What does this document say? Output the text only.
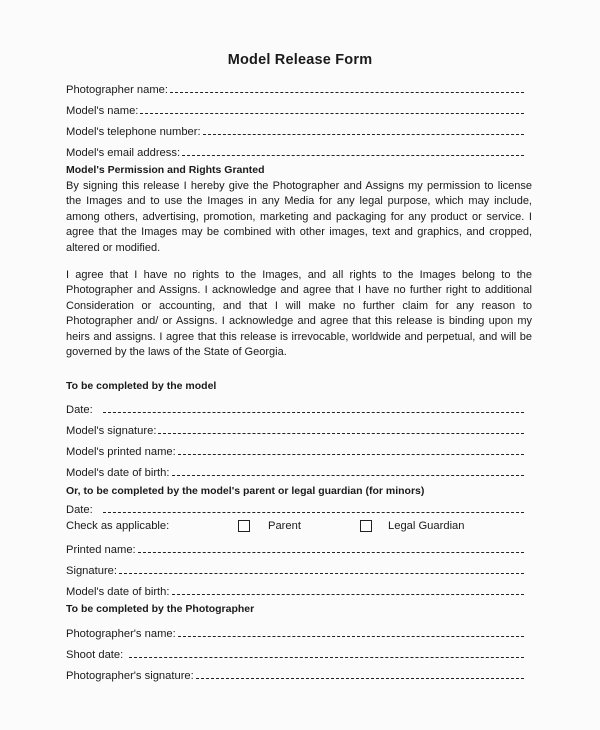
Model Release Form
Photographer name:
Model's name:
Model's telephone number:
Model's email address:
Model's Permission and Rights Granted
By signing this release I hereby give the Photographer and Assigns my permission to license the Images and to use the Images in any Media for any legal purpose, which may include, among others, advertising, promotion, marketing and packaging for any product or service. I agree that the Images may be combined with other images, text and graphics, and cropped, altered or modified.
I agree that I have no rights to the Images, and all rights to the Images belong to the Photographer and Assigns. I acknowledge and agree that I have no further right to additional Consideration or accounting, and that I will make no further claim for any reason to Photographer and/ or Assigns. I acknowledge and agree that this release is binding upon my heirs and assigns. I agree that this release is irrevocable, worldwide and perpetual, and will be governed by the laws of the State of Georgia.
To be completed by the model
Date:
Model's signature:
Model's printed name:
Model's date of birth:
Or, to be completed by the model's parent or legal guardian (for minors)
Date:
Check as applicable:	Parent	Legal Guardian
Printed name:
Signature:
Model's date of birth:
To be completed by the Photographer
Photographer's name:
Shoot date:
Photographer's signature:
